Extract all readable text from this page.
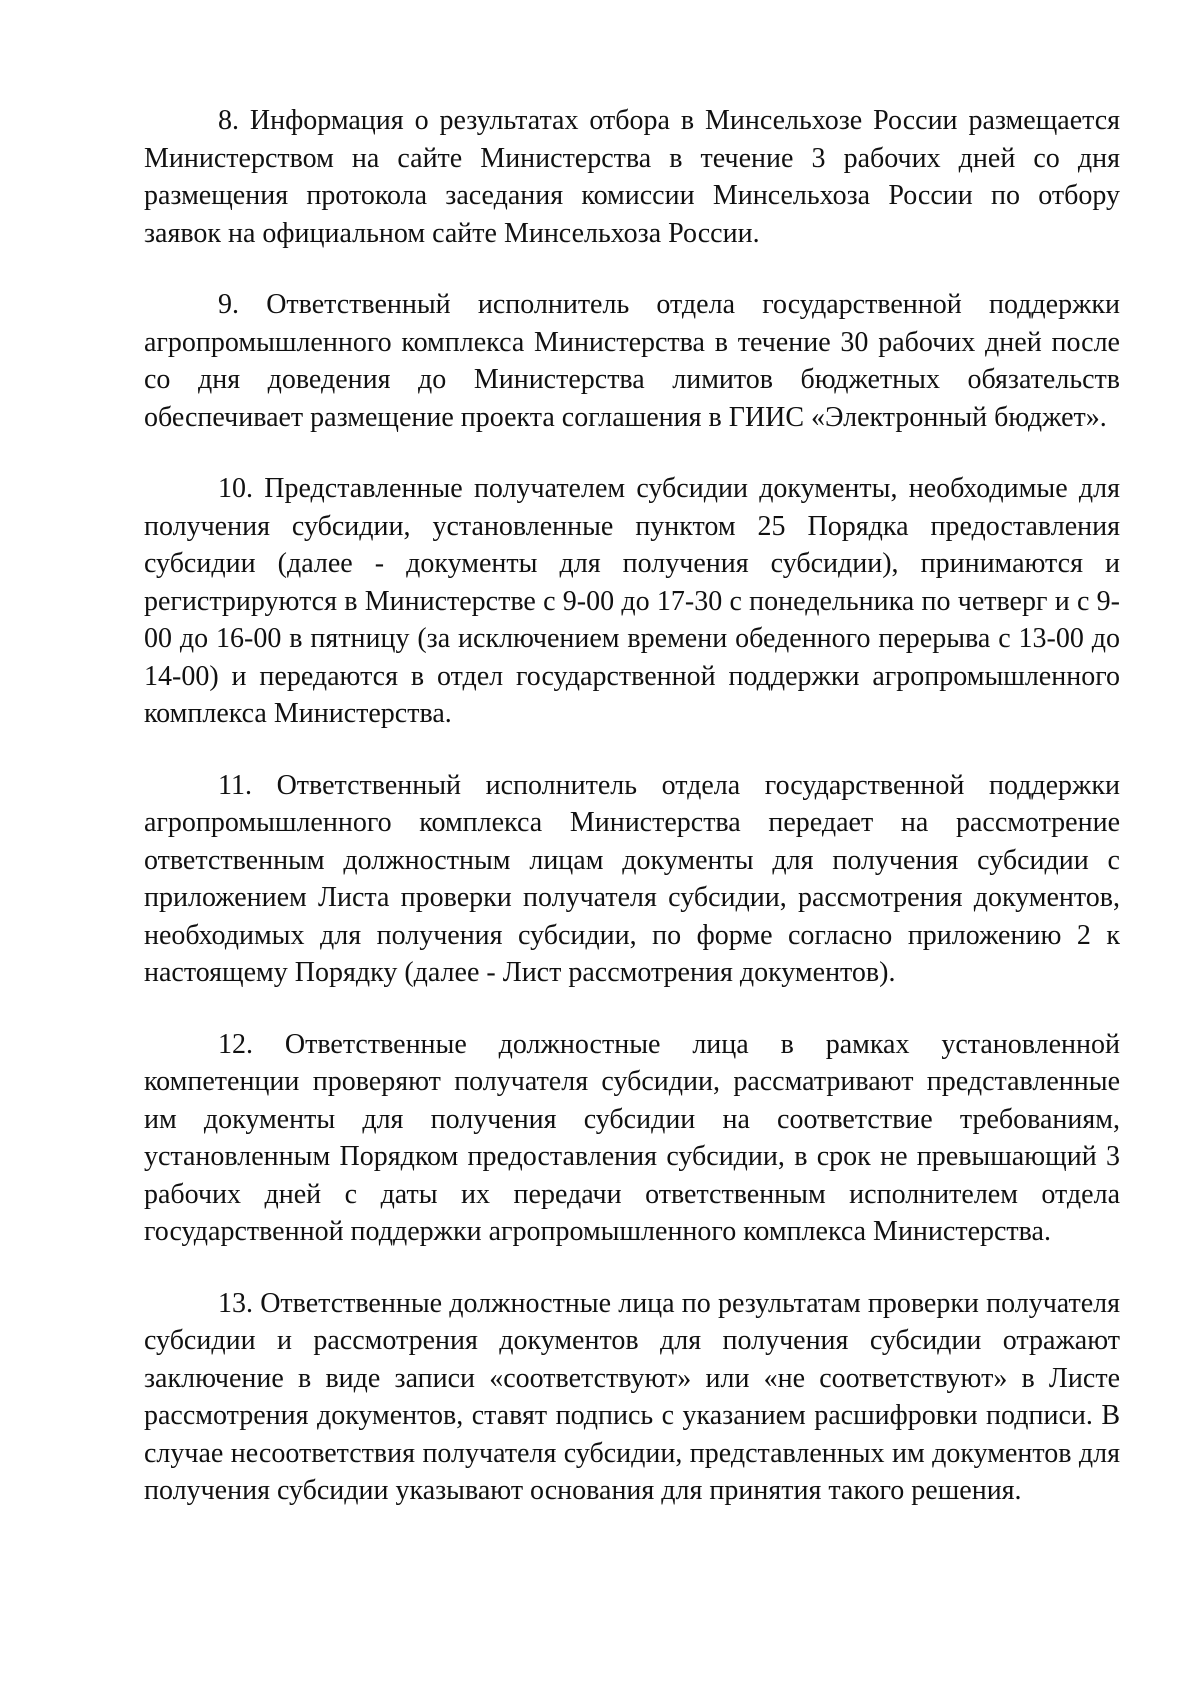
8. Информация о результатах отбора в Минсельхозе России размещается Министерством на сайте Министерства в течение 3 рабочих дней со дня размещения протокола заседания комиссии Минсельхоза России по отбору заявок на официальном сайте Минсельхоза России.

9. Ответственный исполнитель отдела государственной поддержки агропромышленного комплекса Министерства в течение 30 рабочих дней после со дня доведения до Министерства лимитов бюджетных обязательств обеспечивает размещение проекта соглашения в ГИИС «Электронный бюджет».

10. Представленные получателем субсидии документы, необходимые для получения субсидии, установленные пунктом 25 Порядка предоставления субсидии (далее - документы для получения субсидии), принимаются и регистрируются в Министерстве с 9-00 до 17-30 с понедельника по четверг и с 9-00 до 16-00 в пятницу (за исключением времени обеденного перерыва с 13-00 до 14-00) и передаются в отдел государственной поддержки агропромышленного комплекса Министерства.

11. Ответственный исполнитель отдела государственной поддержки агропромышленного комплекса Министерства передает на рассмотрение ответственным должностным лицам документы для получения субсидии с приложением Листа проверки получателя субсидии, рассмотрения документов, необходимых для получения субсидии, по форме согласно приложению 2 к настоящему Порядку (далее - Лист рассмотрения документов).

12. Ответственные должностные лица в рамках установленной компетенции проверяют получателя субсидии, рассматривают представленные им документы для получения субсидии на соответствие требованиям, установленным Порядком предоставления субсидии, в срок не превышающий 3 рабочих дней с даты их передачи ответственным исполнителем отдела государственной поддержки агропромышленного комплекса Министерства.

13. Ответственные должностные лица по результатам проверки получателя субсидии и рассмотрения документов для получения субсидии отражают заключение в виде записи «соответствуют» или «не соответствуют» в Листе рассмотрения документов, ставят подпись с указанием расшифровки подписи. В случае несоответствия получателя субсидии, представленных им документов для получения субсидии указывают основания для принятия такого решения.
